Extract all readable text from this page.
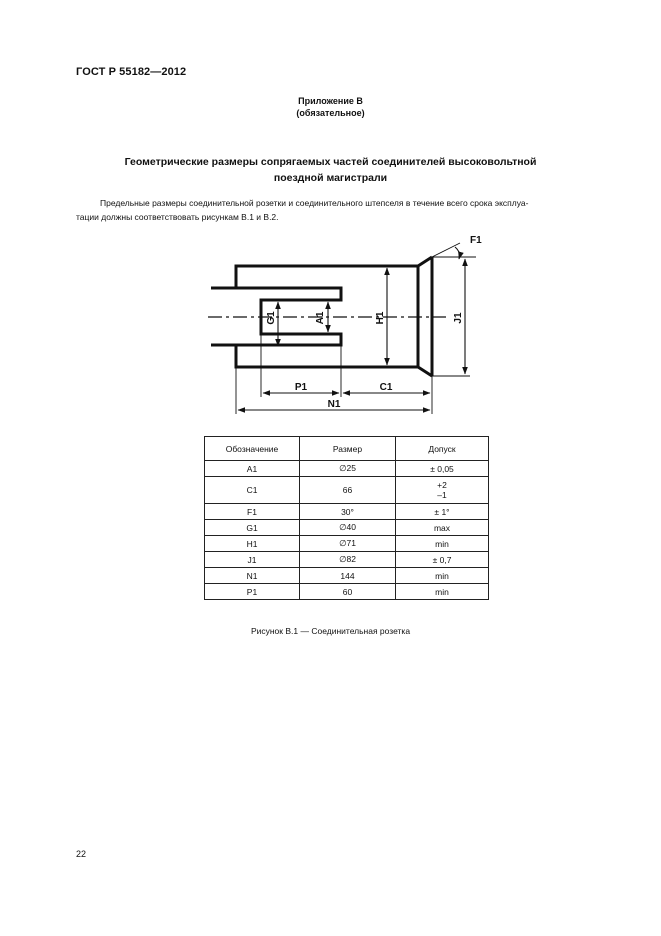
ГОСТ Р 55182—2012
Приложение В
(обязательное)
Геометрические размеры сопрягаемых частей соединителей высоковольтной
поездной магистрали
Предельные размеры соединительной розетки и соединительного штепселя в течение всего срока эксплуа-
тации должны соответствовать рисункам В.1 и В.2.
F1
G1	A1	H1	J1
P1	C1
N1
Обозначение	Размер	Допуск
A1	∅25	± 0,05
C1	66	+2
–1

F1	30°	± 1°
G1	∅40	max
H1	∅71	min
J1	∅82	± 0,7
N1	144	min
P1	60	min
Рисунок В.1 — Соединительная розетка
22
